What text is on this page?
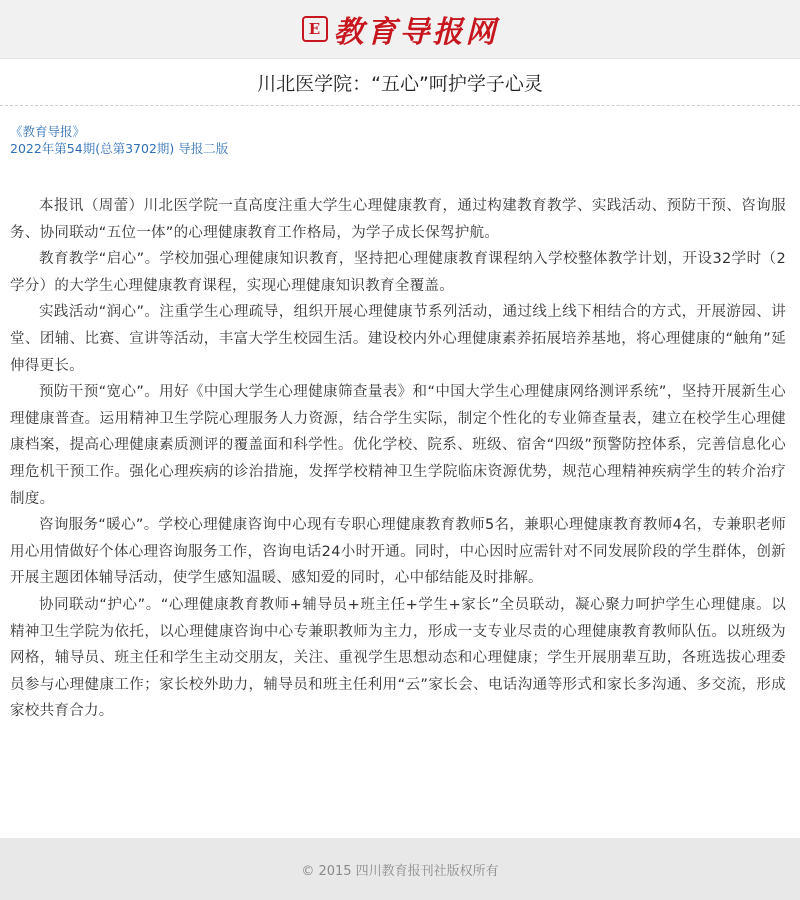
E 教育导报网
川北医学院：“五心”呵护学子心灵
《教育导报》
2022年第54期(总第3702期) 导报二版

本报讯（周蕾）川北医学院一直高度注重大学生心理健康教育，通过构建教育教学、实践活动、预防干预、咨询服务、协同联动“五位一体”的心理健康教育工作格局，为学子成长保驾护航。

教育教学“启心”。学校加强心理健康知识教育，坚持把心理健康教育课程纳入学校整体教学计划，开设32学时（2学分）的大学生心理健康教育课程，实现心理健康知识教育全覆盖。

实践活动“润心”。注重学生心理疏导，组织开展心理健康节系列活动，通过线上线下相结合的方式，开展游园、讲堂、团辅、比赛、宣讲等活动，丰富大学生校园生活。建设校内外心理健康素养拓展培养基地，将心理健康的“触角”延伸得更长。

预防干预“宽心”。用好《中国大学生心理健康筛查量表》和“中国大学生心理健康网络测评系统”，坚持开展新生心理健康普查。运用精神卫生学院心理服务人力资源，结合学生实际，制定个性化的专业筛查量表，建立在校学生心理健康档案，提高心理健康素质测评的覆盖面和科学性。优化学校、院系、班级、宿舍“四级”预警防控体系，完善信息化心理危机干预工作。强化心理疾病的诊治措施，发挥学校精神卫生学院临床资源优势，规范心理精神疾病学生的转介治疗制度。

咨询服务“暖心”。学校心理健康咨询中心现有专职心理健康教育教师5名，兼职心理健康教育教师4名，专兼职老师用心用情做好个体心理咨询服务工作，咨询电话24小时开通。同时，中心因时应需针对不同发展阶段的学生群体，创新开展主题团体辅导活动，使学生感知温暖、感知爱的同时，心中郁结能及时排解。

协同联动“护心”。“心理健康教育教师+辅导员+班主任+学生+家长”全员联动，凝心聚力呵护学生心理健康。以精神卫生学院为依托，以心理健康咨询中心专兼职教师为主力，形成一支专业尽责的心理健康教育教师队伍。以班级为网格，辅导员、班主任和学生主动交朋友，关注、重视学生思想动态和心理健康；学生开展朋辈互助，各班选拔心理委员参与心理健康工作；家长校外助力，辅导员和班主任利用“云”家长会、电话沟通等形式和家长多沟通、多交流，形成家校共育合力。

© 2015 四川教育报刊社版权所有
